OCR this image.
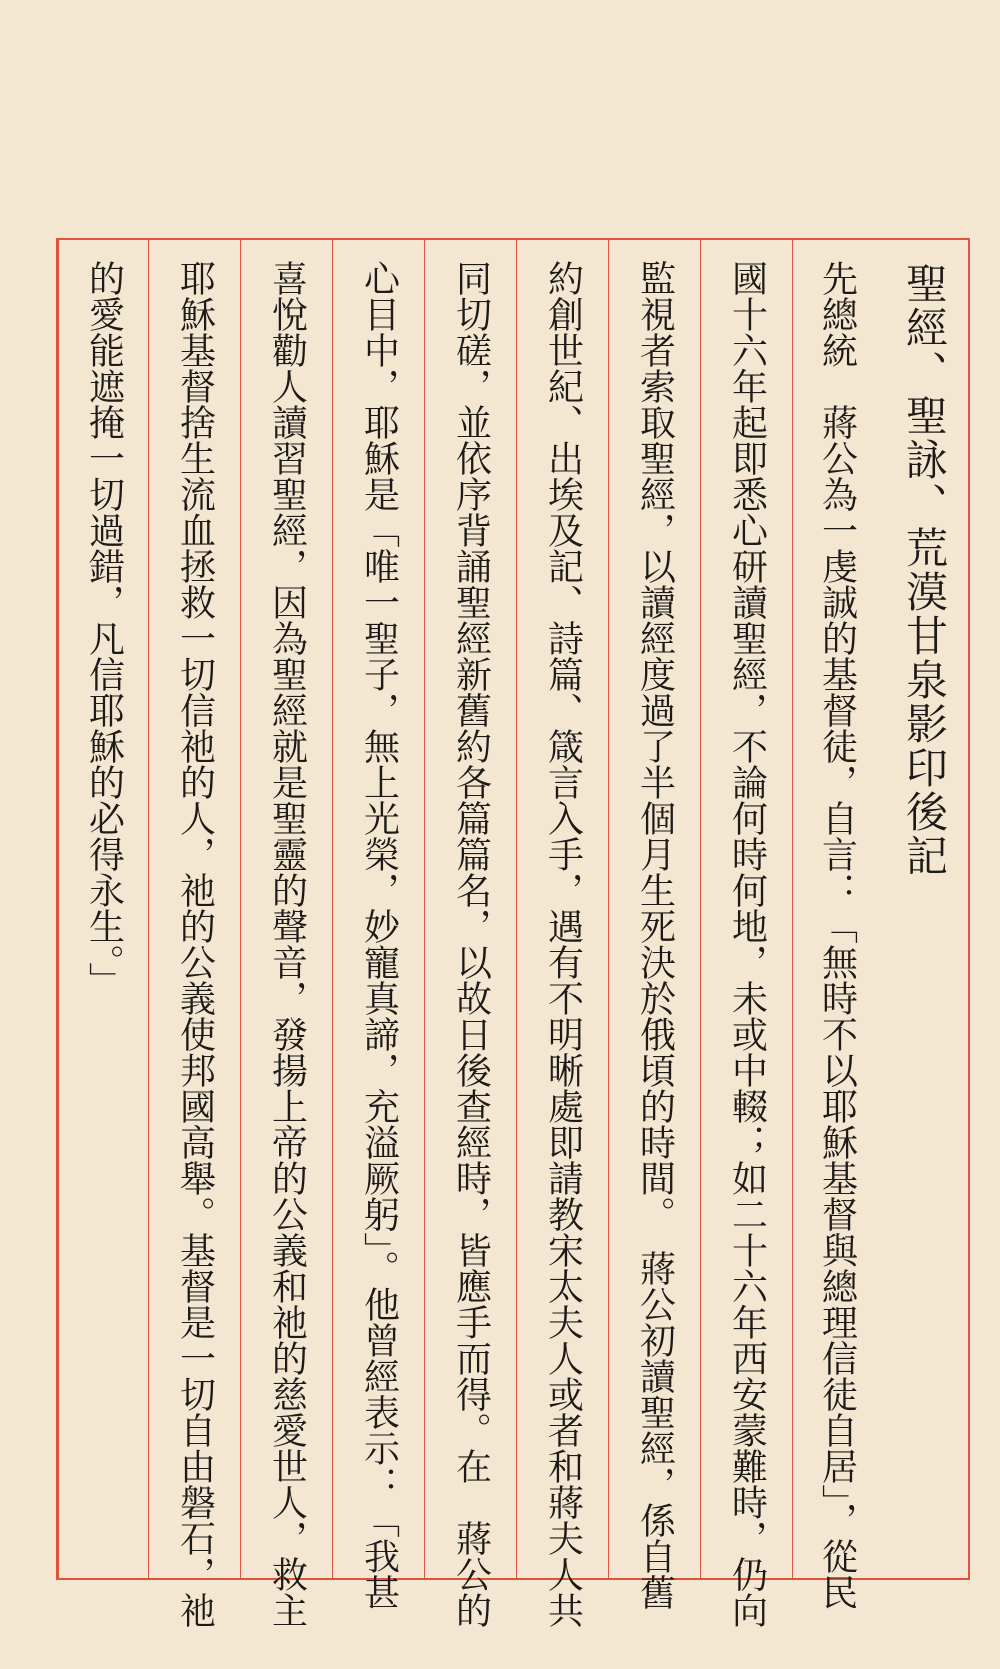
聖經、聖詠、荒漠甘泉影印後記
先總統　蔣公為一虔誠的基督徒，自言：「無時不以耶穌基督與總理信徒自居」，從民
國十六年起即悉心研讀聖經，不論何時何地，未或中輟；如二十六年西安蒙難時，仍向
監視者索取聖經，以讀經度過了半個月生死決於俄頃的時間。　蔣公初讀聖經，係自舊
約創世紀、出埃及記、詩篇、箴言入手，遇有不明晰處即請教宋太夫人或者和蔣夫人共
同切磋，並依序背誦聖經新舊約各篇篇名，以故日後查經時，皆應手而得。在　蔣公的
心目中，耶穌是「唯一聖子，無上光榮，妙寵真諦，充溢厥躬」。他曾經表示：「我甚
喜悅勸人讀習聖經，因為聖經就是聖靈的聲音，發揚上帝的公義和祂的慈愛世人，救主
耶穌基督捨生流血拯救一切信祂的人，祂的公義使邦國高舉。基督是一切自由磐石，祂
的愛能遮掩一切過錯，凡信耶穌的必得永生。」
